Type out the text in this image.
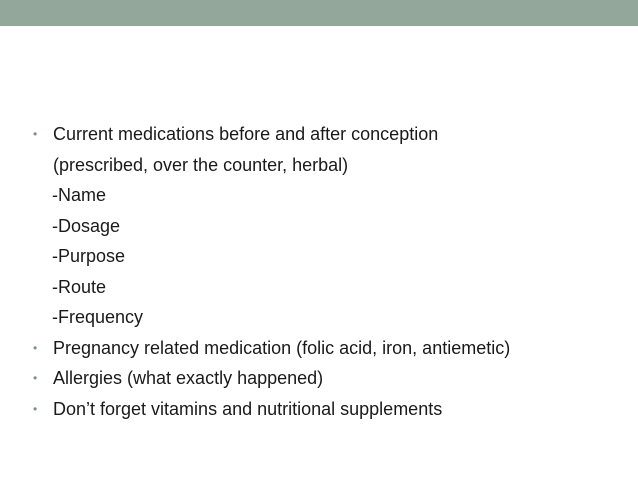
• Current medications before and after conception
(prescribed, over the counter, herbal)
-Name
-Dosage
-Purpose
-Route
-Frequency
• Pregnancy related medication (folic acid, iron, antiemetic)
• Allergies (what exactly happened)
• Don’t forget vitamins and nutritional supplements
